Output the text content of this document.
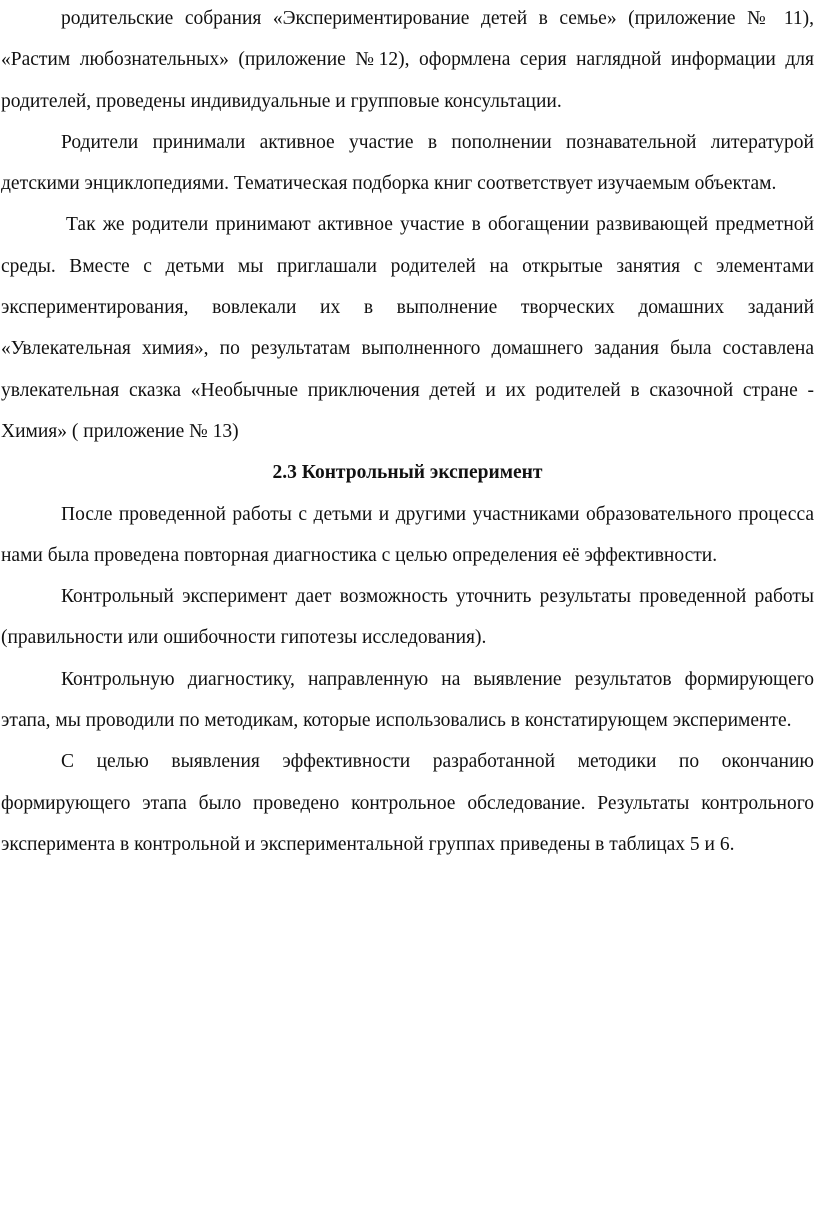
родительские собрания «Экспериментирование детей в семье» (приложение № 11), «Растим любознательных» (приложение №12), оформлена серия наглядной информации для родителей, проведены индивидуальные и групповые консультации.

Родители принимали активное участие в пополнении познавательной литературой детскими энциклопедиями. Тематическая подборка книг соответствует изучаемым объектам.

Так же родители принимают активное участие в обогащении развивающей предметной среды. Вместе с детьми мы приглашали родителей на открытые занятия с элементами экспериментирования, вовлекали их в выполнение творческих домашних заданий «Увлекательная химия», по результатам выполненного домашнего задания была составлена увлекательная сказка «Необычные приключения детей и их родителей в сказочной стране - Химия» ( приложение № 13)

2.3 Контрольный эксперимент

После проведенной работы с детьми и другими участниками образовательного процесса нами была проведена повторная диагностика с целью определения её эффективности.

Контрольный эксперимент дает возможность уточнить результаты проведенной работы (правильности или ошибочности гипотезы исследования).

Контрольную диагностику, направленную на выявление результатов формирующего этапа, мы проводили по методикам, которые использовались в констатирующем эксперименте.

С целью выявления эффективности разработанной методики по окончанию формирующего этапа было проведено контрольное обследование. Результаты контрольного эксперимента в контрольной и экспериментальной группах приведены в таблицах 5 и 6.
